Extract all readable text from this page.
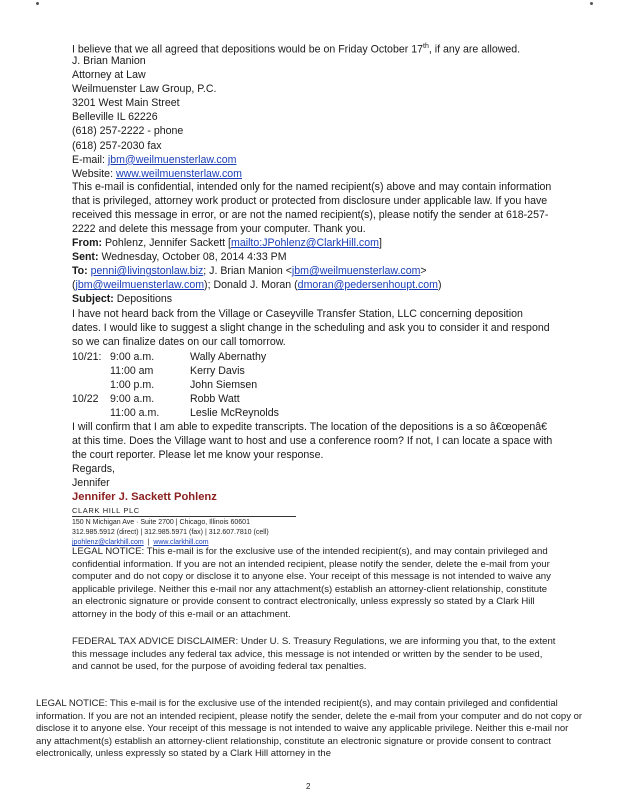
I believe that we all agreed that depositions would be on Friday October 17th, if any are allowed.
J. Brian Manion
Attorney at Law
Weilmuenster Law Group, P.C.
3201 West Main Street
Belleville IL 62226
(618) 257-2222 - phone
(618) 257-2030 fax
E-mail: jbm@weilmuensterlaw.com
Website: www.weilmuensterlaw.com
This e-mail is confidential, intended only for the named recipient(s) above and may contain information that is privileged, attorney work product or protected from disclosure under applicable law. If you have received this message in error, or are not the named recipient(s), please notify the sender at 618-257-2222 and delete this message from your computer. Thank you.
From: Pohlenz, Jennifer Sackett [mailto:JPohlenz@ClarkHill.com]
Sent: Wednesday, October 08, 2014 4:33 PM
To: penni@livingstonlaw.biz; J. Brian Manion <jbm@weilmuensterlaw.com>
(jbm@weilmuensterlaw.com); Donald J. Moran (dmoran@pedersenhoupt.com)
Subject: Depositions
I have not heard back from the Village or Caseyville Transfer Station, LLC concerning deposition dates. I would like to suggest a slight change in the scheduling and ask you to consider it and respond so we can finalize dates on our call tomorrow.
10/21:	9:00 a.m.	Wally Abernathy
	11:00 am	Kerry Davis
	1:00 p.m.	John Siemsen
10/22	9:00 a.m.	Robb Watt
	11:00 a.m.	Leslie McReynolds
I will confirm that I am able to expedite transcripts. The location of the depositions is a so â€œopenâ€ at this time. Does the Village want to host and use a conference room? If not, I can locate a space with the court reporter. Please let me know your response.
Regards,
Jennifer
Jennifer J. Sackett Pohlenz
CLARK HILL PLC
150 N Michigan Ave · Suite 2700 | Chicago, Illinois 60601
312.985.5912 (direct) | 312.985.5971 (fax) | 312.607.7810 (cell)
jpohlenz@clarkhill.com  |  www.clarkhill.com
LEGAL NOTICE: This e-mail is for the exclusive use of the intended recipient(s), and may contain privileged and confidential information. If you are not an intended recipient, please notify the sender, delete the e-mail from your computer and do not copy or disclose it to anyone else. Your receipt of this message is not intended to waive any applicable privilege. Neither this e-mail nor any attachment(s) establish an attorney-client relationship, constitute an electronic signature or provide consent to contract electronically, unless expressly so stated by a Clark Hill attorney in the body of this e-mail or an attachment.
FEDERAL TAX ADVICE DISCLAIMER: Under U. S. Treasury Regulations, we are informing you that, to the extent this message includes any federal tax advice, this message is not intended or written by the sender to be used, and cannot be used, for the purpose of avoiding federal tax penalties.
LEGAL NOTICE: This e-mail is for the exclusive use of the intended recipient(s), and may contain privileged and confidential information. If you are not an intended recipient, please notify the sender, delete the e-mail from your computer and do not copy or disclose it to anyone else. Your receipt of this message is not intended to waive any applicable privilege. Neither this e-mail nor any attachment(s) establish an attorney-client relationship, constitute an electronic signature or provide consent to contract electronically, unless expressly so stated by a Clark Hill attorney in the
2
